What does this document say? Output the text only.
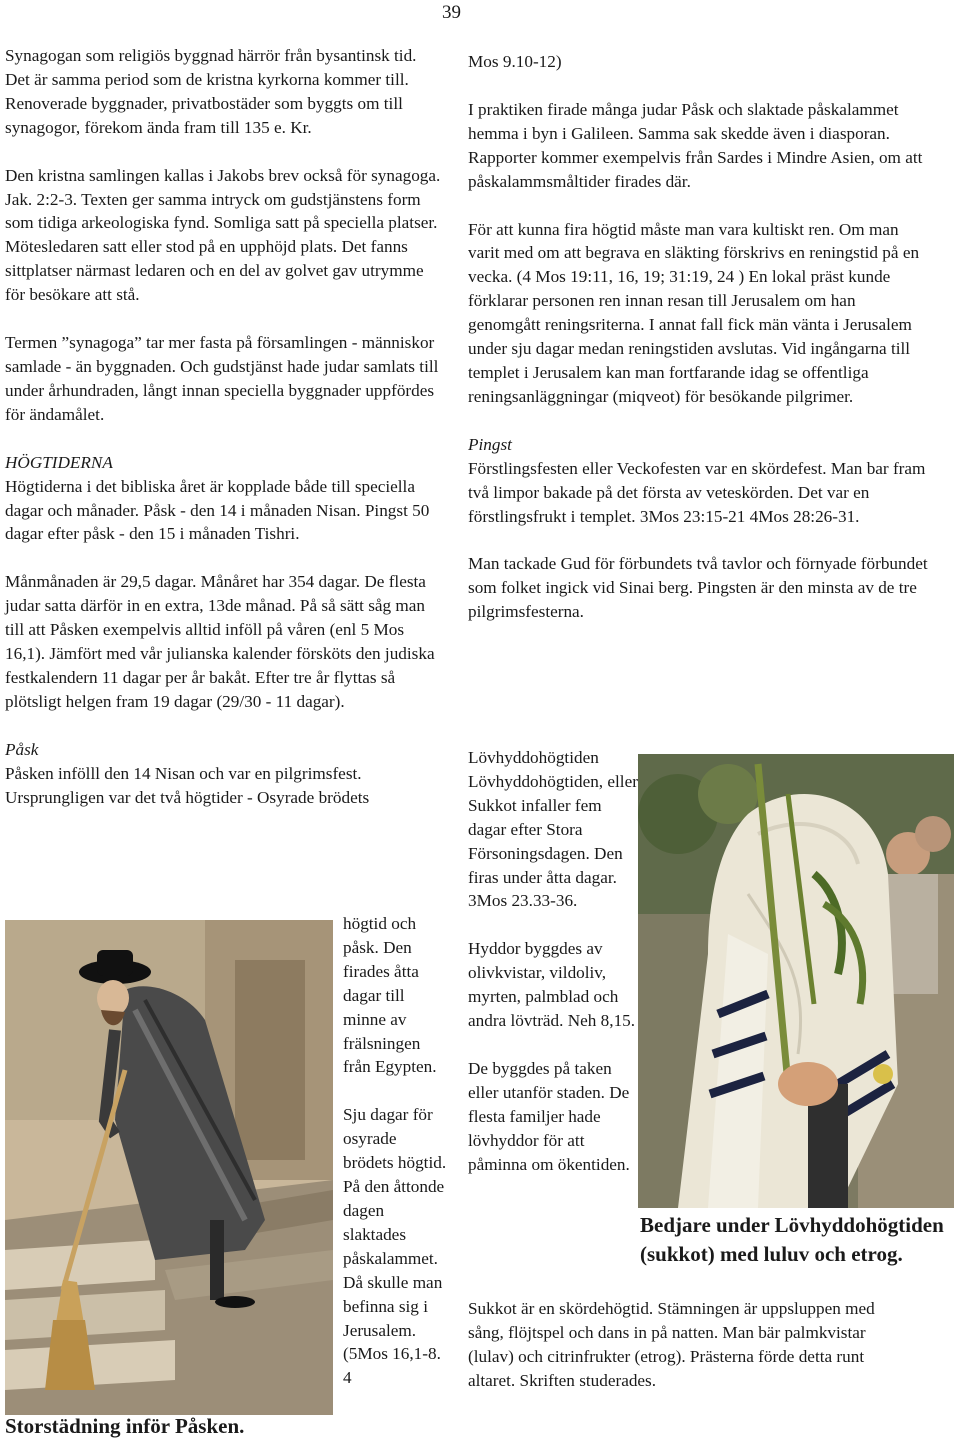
39

Synagogan som religiös byggnad härrör från bysantinsk tid. Det är samma period som de kristna kyrkorna kommer till. Renoverade byggnader, privatbostäder som byggts om till synagogor, förekom ända fram till 135 e. Kr.

Den kristna samlingen kallas i Jakobs brev också för synagoga. Jak. 2:2-3. Texten ger samma intryck om gudstjänstens form som tidiga arkeologiska fynd. Somliga satt på speciella platser. Mötesledaren satt eller stod på en upphöjd plats. Det fanns sittplatser närmast ledaren och en del av golvet gav utrymme för besökare att stå.

Termen ”synagoga” tar mer fasta på församlingen - människor samlade - än byggnaden. Och gudstjänst hade judar samlats till under århundraden, långt innan speciella byggnader uppfördes för ändamålet.

HÖGTIDERNA
Högtiderna i det bibliska året är kopplade både till speciella dagar och månader. Påsk - den 14 i månaden Nisan. Pingst 50 dagar efter påsk - den 15 i månaden Tishri.

Månmånaden är 29,5 dagar. Månåret har 354 dagar. De flesta judar satta därför in en extra, 13de månad. På så sätt såg man till att Påsken exempelvis alltid inföll på våren (enl 5 Mos 16,1). Jämfört med vår julianska kalender försköts den judiska festkalendern 11 dagar per år bakåt. Efter tre år flyttas så plötsligt helgen fram 19 dagar (29/30 - 11 dagar).

Påsk
Påsken infölll den 14 Nisan och var en pilgrimsfest. Ursprungligen var det två högtider - Osyrade brödets

högtid och påsk. Den firades åtta dagar till minne av frälsningen från Egypten.

Sju dagar för osyrade brödets högtid. På den åttonde dagen slaktades påskalammet. Då skulle man befinna sig i Jerusalem. (5Mos 16,1-8. 4

Storstädning inför Påsken.

Mos 9.10-12)

I praktiken firade många judar Påsk och slaktade påskalammet hemma i byn i Galileen. Samma sak skedde även i diasporan. Rapporter kommer exempelvis från Sardes i Mindre Asien, om att påskalammsmåltider firades där.

För att kunna fira högtid måste man vara kultiskt ren. Om man varit med om att begrava en släkting förskrivs en reningstid på en vecka. (4 Mos 19:11, 16, 19; 31:19, 24 ) En lokal präst kunde förklarar personen ren innan resan till Jerusalem om han genomgått reningsriterna. I annat fall fick män vänta i Jerusalem under sju dagar medan reningstiden avslutas. Vid ingångarna till templet i Jerusalem kan man fortfarande idag se offentliga reningsanläggningar (miqveot) för besökande pilgrimer.

Pingst
Förstlingsfesten eller Veckofesten var en skördefest. Man bar fram två limpor bakade på det första av veteskörden. Det var en förstlingsfrukt i templet. 3Mos 23:15-21 4Mos 28:26-31.

Man tackade Gud för förbundets två tavlor och förnyade förbundet som folket ingick vid Sinai berg. Pingsten är den minsta av de tre pilgrimsfesterna.

Lövhyddohögtiden Lövhyddohögtiden, eller Sukkot infaller fem dagar efter Stora Försoningsdagen. Den firas under åtta dagar. 3Mos 23.33-36.

Hyddor byggdes av olivkvistar, vildoliv, myrten, palmblad och andra lövträd. Neh 8,15.

De byggdes på taken eller utanför staden. De flesta familjer hade lövhyddor för att påminna om ökentiden.

Bedjare under Lövhyddohögtiden (sukkot) med luluv och etrog.

Sukkot är en skördehögtid. Stämningen är uppsluppen med sång, flöjtspel och dans in på natten. Man bär palmkvistar (lulav) och citrinfrukter (etrog). Prästerna förde detta runt altaret. Skriften studerades.
